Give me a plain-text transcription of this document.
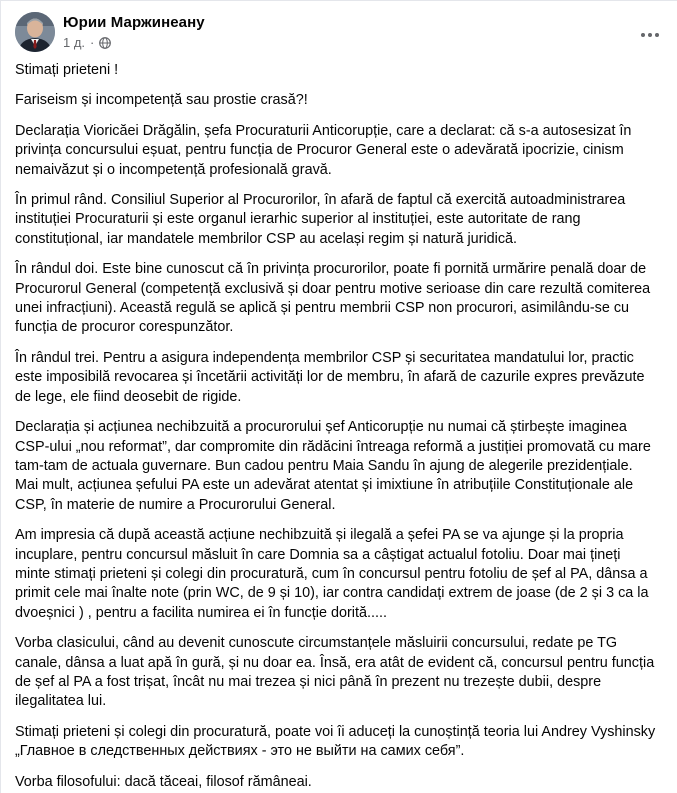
Юрии Маржинеану
1 д. ·

Stimați prieteni !

Fariseism și incompetență sau prostie crasă?!

Declarația Vioricăei Drăgălin, șefa Procuraturii Anticorupție, care a declarat: că s-a autosesizat în privința concursului eșuat, pentru funcția de Procuror General este o adevărată ipocrizie, cinism nemaivăzut și o incompetență profesională gravă.

În primul rând. Consiliul Superior al Procurorilor, în afară de faptul că exercită autoadministrarea instituției Procuraturii și este organul ierarhic superior al instituției, este autoritate de rang constituțional, iar mandatele membrilor CSP au același regim și natură juridică.

În rândul doi. Este bine cunoscut că în privința procurorilor, poate fi pornită urmărire penală doar de Procurorul General (competență exclusivă și doar pentru motive serioase din care rezultă comiterea unei infracțiuni). Această regulă se aplică și pentru membrii CSP non procurori, asimilându-se cu funcția de procuror corespunzător.

În rândul trei. Pentru a asigura independența membrilor CSP și securitatea mandatului lor, practic este imposibilă revocarea și încetării activități lor de membru, în afară de cazurile expres prevăzute de lege, ele fiind deosebit de rigide.

Declarația și acțiunea nechibzuită a procurorului șef Anticorupție nu numai că știrbește imaginea CSP-ului „nou reformat”, dar compromite din rădăcini întreaga reformă a justiției promovată cu mare tam-tam de actuala guvernare. Bun cadou pentru Maia Sandu în ajung de alegerile prezidențiale.

Mai mult, acțiunea șefului PA este un adevărat atentat și imixtiune în atribuțiile Constituționale ale CSP, în materie de numire a Procurorului General.

Am impresia că după această acțiune nechibzuită și ilegală a șefei PA se va ajunge și la propria incuplare, pentru concursul măsluit în care Domnia sa a câștigat actualul fotoliu. Doar mai țineți minte stimați prieteni și colegi din procuratură, cum în concursul pentru fotoliu de șef al PA, dânsa a primit cele mai înalte note (prin WC, de 9 și 10), iar contra candidați extrem de joase (de 2 și 3 ca la dvoeșnici ) , pentru a facilita numirea ei în funcție dorită.....

Vorba clasicului, când au devenit cunoscute circumstanțele măsluirii concursului, redate pe TG canale, dânsa a luat apă în gură, și nu doar ea. Însă, era atât de evident că, concursul pentru funcția de șef al PA a fost trișat, încât nu mai trezea și nici până în prezent nu trezește dubii, despre ilegalitatea lui.

Stimați prieteni și colegi din procuratură, poate voi îi aduceți la cunoștință teoria lui Andrey Vyshinsky „Главное в следственных действиях - это не выйти на самих себя”.

Vorba filosofului: dacă tăceai, filosof rămâneai.
